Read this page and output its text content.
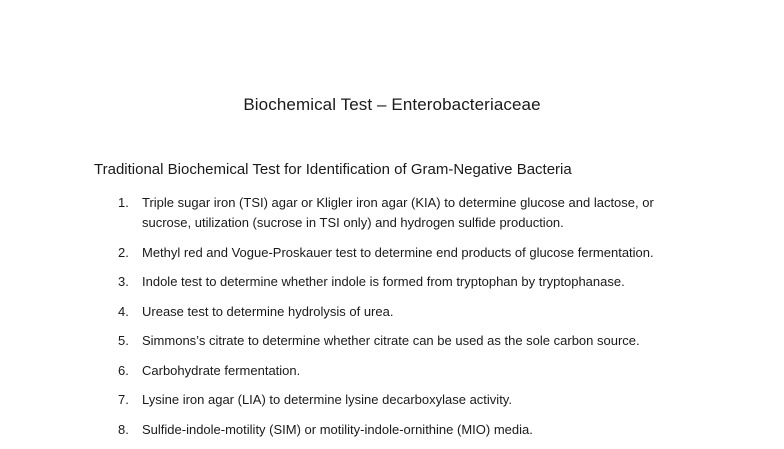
Biochemical Test – Enterobacteriaceae
Traditional Biochemical Test for Identification of Gram-Negative Bacteria
1. Triple sugar iron (TSI) agar or Kligler iron agar (KIA) to determine glucose and lactose, or sucrose, utilization (sucrose in TSI only) and hydrogen sulfide production.
2. Methyl red and Vogue-Proskauer test to determine end products of glucose fermentation.
3. Indole test to determine whether indole is formed from tryptophan by tryptophanase.
4. Urease test to determine hydrolysis of urea.
5. Simmons’s citrate to determine whether citrate can be used as the sole carbon source.
6. Carbohydrate fermentation.
7. Lysine iron agar (LIA) to determine lysine decarboxylase activity.
8. Sulfide-indole-motility (SIM) or motility-indole-ornithine (MIO) media.
